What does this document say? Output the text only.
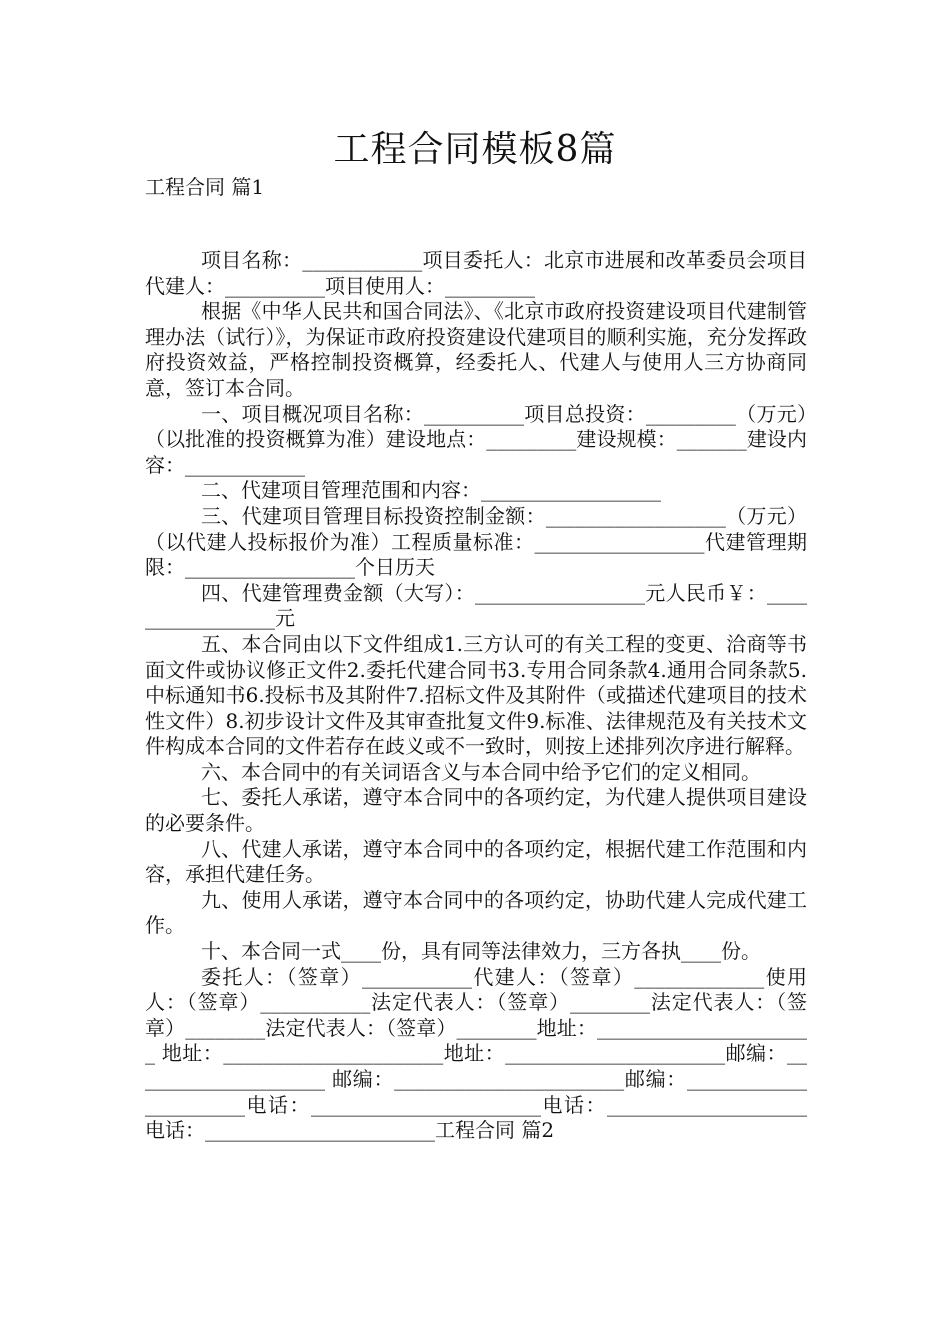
工程合同模板8篇
工程合同 篇1

项目名称：____________项目委托人：北京市进展和改革委员会项目代建人：__________项目使用人：_________

根据《中华人民共和国合同法》、《北京市政府投资建设项目代建制管理办法（试行）》，为保证市政府投资建设代建项目的顺利实施，充分发挥政府投资效益，严格控制投资概算，经委托人、代建人与使用人三方协商同意，签订本合同。

一、项目概况项目名称：__________项目总投资：_________（万元）（以批准的投资概算为准）建设地点：_________建设规模：_______建设内容：____________

二、代建项目管理范围和内容：__________________

三、代建项目管理目标投资控制金额：__________________（万元）（以代建人投标报价为准）工程质量标准：_________________代建管理期限：_________________个日历天

四、代建管理费金额（大写）：_________________元人民币￥：_________________元

五、本合同由以下文件组成1.三方认可的有关工程的变更、洽商等书面文件或协议修正文件2.委托代建合同书3.专用合同条款4.通用合同条款5.中标通知书6.投标书及其附件7.招标文件及其附件（或描述代建项目的技术性文件）8.初步设计文件及其审查批复文件9.标准、法律规范及有关技术文件构成本合同的文件若存在歧义或不一致时，则按上述排列次序进行解释。

六、本合同中的有关词语含义与本合同中给予它们的定义相同。

七、委托人承诺，遵守本合同中的各项约定，为代建人提供项目建设的必要条件。

八、代建人承诺，遵守本合同中的各项约定，根据代建工作范围和内容，承担代建任务。

九、使用人承诺，遵守本合同中的各项约定，协助代建人完成代建工作。

十、本合同一式____份，具有同等法律效力，三方各执____份。

委托人：（签章）___________代建人：（签章）_____________使用人：（签章）___________法定代表人：（签章）________法定代表人：（签章）________法定代表人：（签章）________地址：______________________ 地址：______________________地址：______________________邮编：____________________ 邮编：_______________________邮编：______________________电话：_______________________电话：____________________ 电话：_______________________工程合同 篇2
